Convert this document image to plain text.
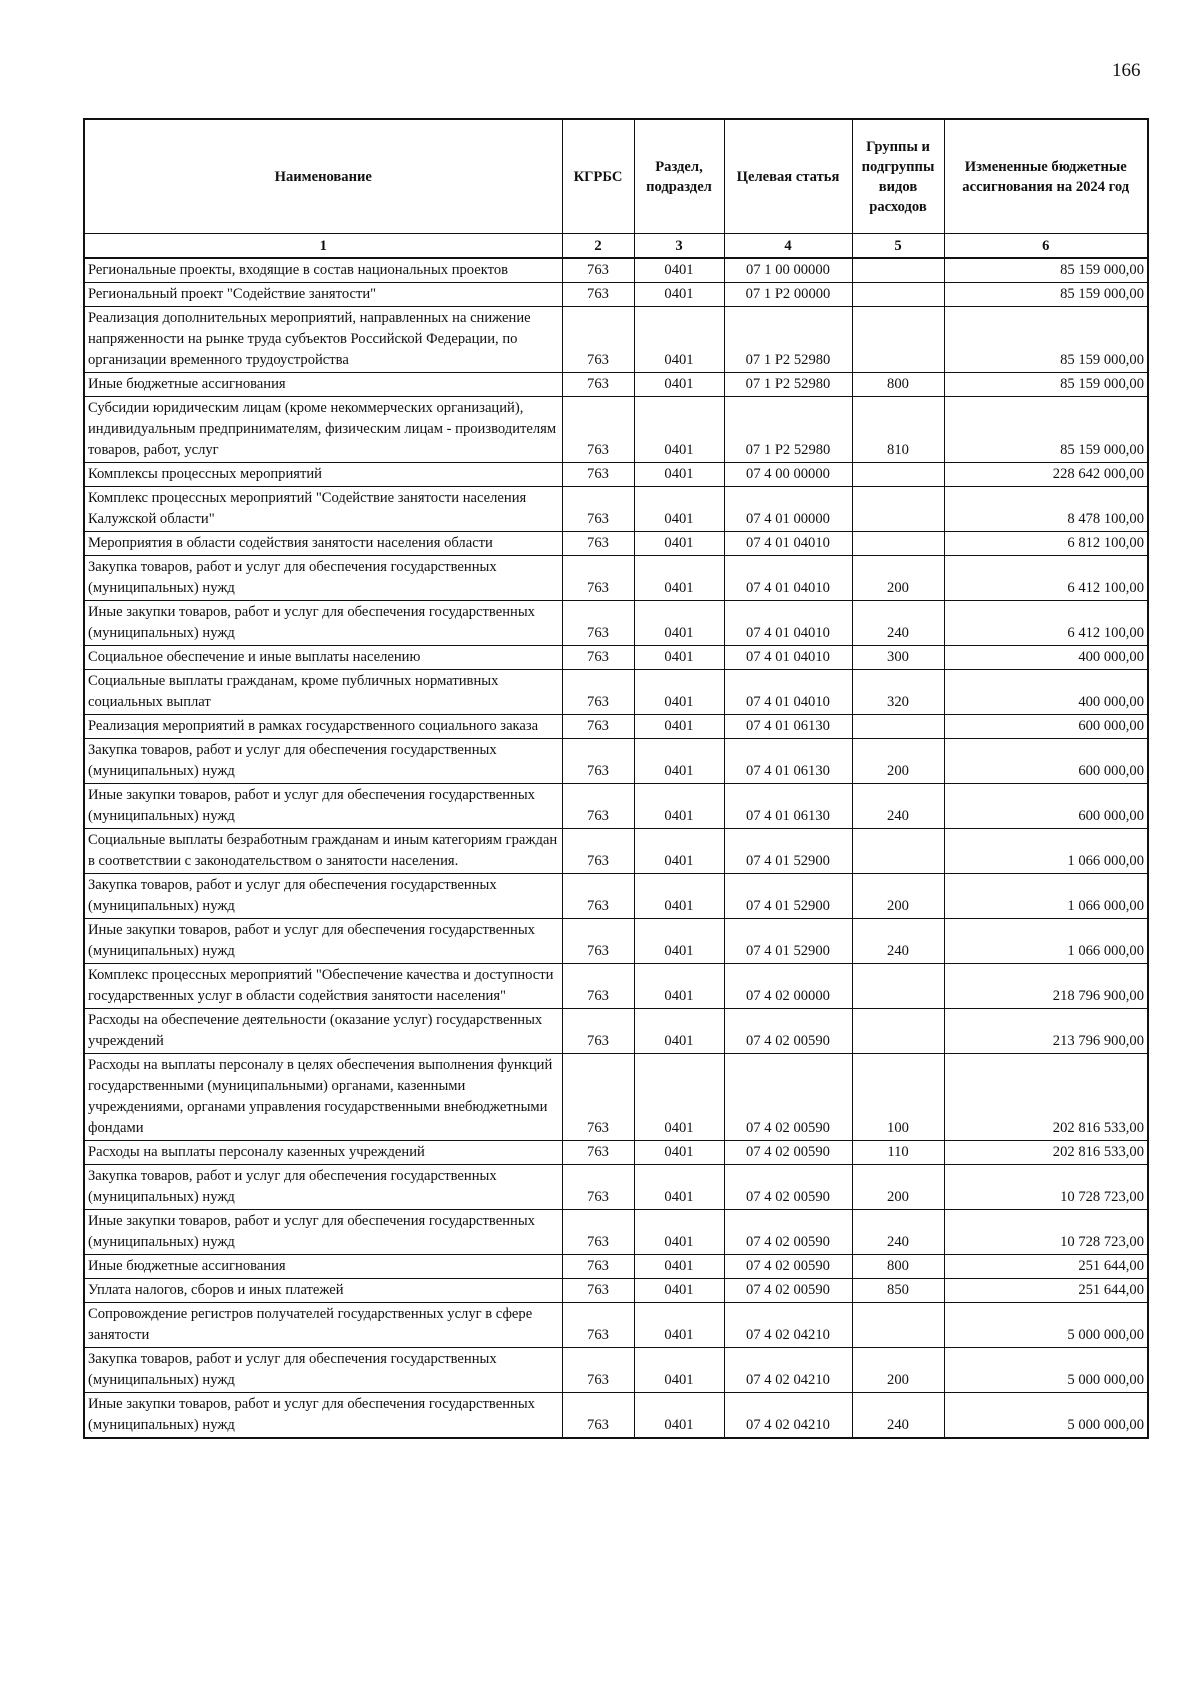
166
Наименование	КГРБС	Раздел, подраздел	Целевая статья	Группы и подгруппы видов расходов	Измененные бюджетные ассигнования на 2024 год
1	2	3	4	5	6
Региональные проекты, входящие в состав национальных проектов	763	0401	07 1 00 00000		85 159 000,00
Региональный проект "Содействие занятости"	763	0401	07 1 Р2 00000		85 159 000,00
Реализация дополнительных мероприятий, направленных на снижение напряженности на рынке труда субъектов Российской Федерации, по организации временного трудоустройства	763	0401	07 1 Р2 52980		85 159 000,00
Иные бюджетные ассигнования	763	0401	07 1 Р2 52980	800	85 159 000,00
Субсидии юридическим лицам (кроме некоммерческих организаций), индивидуальным предпринимателям, физическим лицам - производителям товаров, работ, услуг	763	0401	07 1 Р2 52980	810	85 159 000,00
Комплексы процессных мероприятий	763	0401	07 4 00 00000		228 642 000,00
Комплекс процессных мероприятий "Содействие занятости населения Калужской области"	763	0401	07 4 01 00000		8 478 100,00
Мероприятия в области содействия занятости населения области	763	0401	07 4 01 04010		6 812 100,00
Закупка товаров, работ и услуг для обеспечения государственных (муниципальных) нужд	763	0401	07 4 01 04010	200	6 412 100,00
Иные закупки товаров, работ и услуг для обеспечения государственных (муниципальных) нужд	763	0401	07 4 01 04010	240	6 412 100,00
Социальное обеспечение и иные выплаты населению	763	0401	07 4 01 04010	300	400 000,00
Социальные выплаты гражданам, кроме публичных нормативных социальных выплат	763	0401	07 4 01 04010	320	400 000,00
Реализация мероприятий в рамках государственного социального заказа	763	0401	07 4 01 06130		600 000,00
Закупка товаров, работ и услуг для обеспечения государственных (муниципальных) нужд	763	0401	07 4 01 06130	200	600 000,00
Иные закупки товаров, работ и услуг для обеспечения государственных (муниципальных) нужд	763	0401	07 4 01 06130	240	600 000,00
Социальные выплаты безработным гражданам и иным категориям граждан в соответствии с законодательством о занятости населения.	763	0401	07 4 01 52900		1 066 000,00
Закупка товаров, работ и услуг для обеспечения государственных (муниципальных) нужд	763	0401	07 4 01 52900	200	1 066 000,00
Иные закупки товаров, работ и услуг для обеспечения государственных (муниципальных) нужд	763	0401	07 4 01 52900	240	1 066 000,00
Комплекс процессных мероприятий "Обеспечение качества и доступности государственных услуг в области содействия занятости населения"	763	0401	07 4 02 00000		218 796 900,00
Расходы на обеспечение деятельности (оказание услуг) государственных учреждений	763	0401	07 4 02 00590		213 796 900,00
Расходы на выплаты персоналу в целях обеспечения выполнения функций государственными (муниципальными) органами, казенными учреждениями, органами управления государственными внебюджетными фондами	763	0401	07 4 02 00590	100	202 816 533,00
Расходы на выплаты персоналу казенных учреждений	763	0401	07 4 02 00590	110	202 816 533,00
Закупка товаров, работ и услуг для обеспечения государственных (муниципальных) нужд	763	0401	07 4 02 00590	200	10 728 723,00
Иные закупки товаров, работ и услуг для обеспечения государственных (муниципальных) нужд	763	0401	07 4 02 00590	240	10 728 723,00
Иные бюджетные ассигнования	763	0401	07 4 02 00590	800	251 644,00
Уплата налогов, сборов и иных платежей	763	0401	07 4 02 00590	850	251 644,00
Сопровождение регистров получателей государственных услуг в сфере занятости	763	0401	07 4 02 04210		5 000 000,00
Закупка товаров, работ и услуг для обеспечения государственных (муниципальных) нужд	763	0401	07 4 02 04210	200	5 000 000,00
Иные закупки товаров, работ и услуг для обеспечения государственных (муниципальных) нужд	763	0401	07 4 02 04210	240	5 000 000,00
